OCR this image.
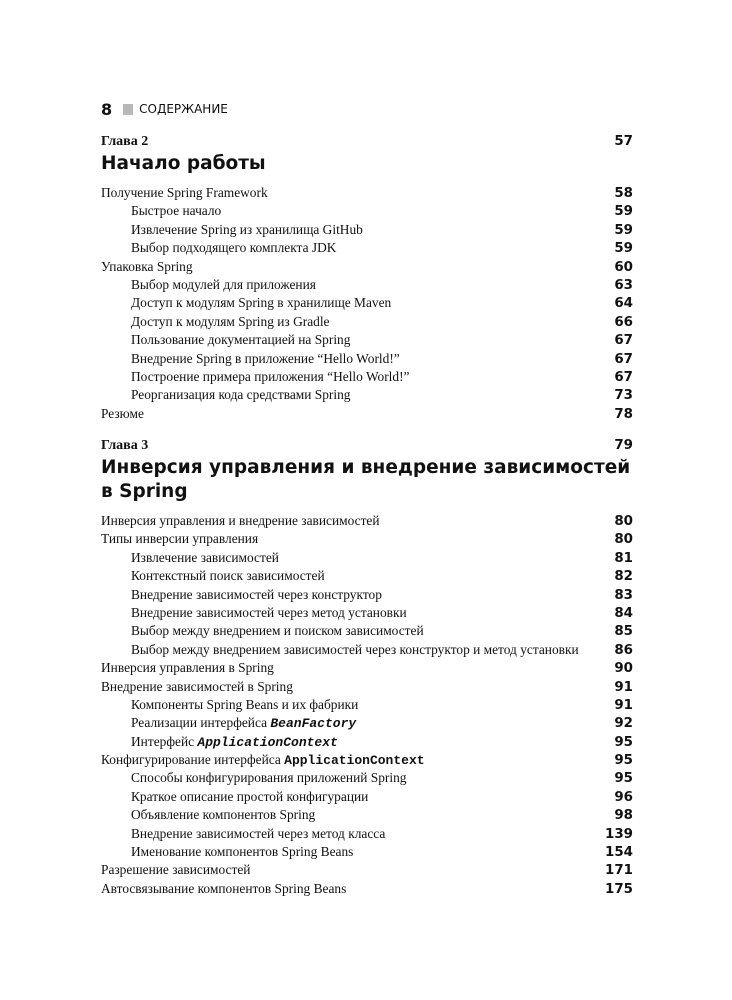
8 СОДЕРЖАНИЕ
Глава 2	57
Начало работы
Получение Spring Framework	58
Быстрое начало	59
Извлечение Spring из хранилища GitHub	59
Выбор подходящего комплекта JDK	59
Упаковка Spring	60
Выбор модулей для приложения	63
Доступ к модулям Spring в хранилище Maven	64
Доступ к модулям Spring из Gradle	66
Пользование документацией на Spring	67
Внедрение Spring в приложение “Hello World!”	67
Построение примера приложения “Hello World!”	67
Реорганизация кода средствами Spring	73
Резюме	78
Глава 3	79
Инверсия управления и внедрение зависимостей
в Spring
Инверсия управления и внедрение зависимостей	80
Типы инверсии управления	80
Извлечение зависимостей	81
Контекстный поиск зависимостей	82
Внедрение зависимостей через конструктор	83
Внедрение зависимостей через метод установки	84
Выбор между внедрением и поиском зависимостей	85
Выбор между внедрением зависимостей через конструктор и метод установки	86
Инверсия управления в Spring	90
Внедрение зависимостей в Spring	91
Компоненты Spring Beans и их фабрики	91
Реализации интерфейса BeanFactory	92
Интерфейс ApplicationContext	95
Конфигурирование интерфейса ApplicationContext	95
Способы конфигурирования приложений Spring	95
Краткое описание простой конфигурации	96
Объявление компонентов Spring	98
Внедрение зависимостей через метод класса	139
Именование компонентов Spring Beans	154
Разрешение зависимостей	171
Автосвязывание компонентов Spring Beans	175
